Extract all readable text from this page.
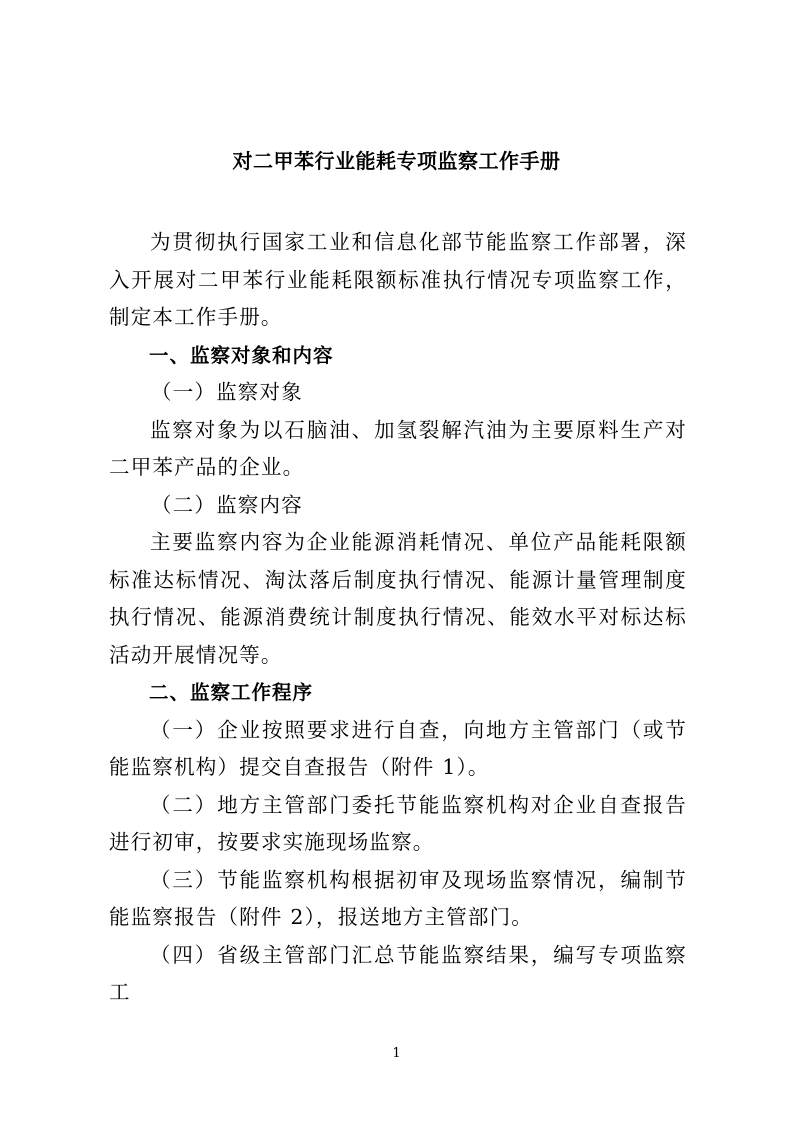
对二甲苯行业能耗专项监察工作手册

为贯彻执行国家工业和信息化部节能监察工作部署，深入开展对二甲苯行业能耗限额标准执行情况专项监察工作，制定本工作手册。

一、监察对象和内容

（一）监察对象

监察对象为以石脑油、加氢裂解汽油为主要原料生产对二甲苯产品的企业。

（二）监察内容

主要监察内容为企业能源消耗情况、单位产品能耗限额标准达标情况、淘汰落后制度执行情况、能源计量管理制度执行情况、能源消费统计制度执行情况、能效水平对标达标活动开展情况等。

二、监察工作程序

（一）企业按照要求进行自查，向地方主管部门（或节能监察机构）提交自查报告（附件 1）。

（二）地方主管部门委托节能监察机构对企业自查报告进行初审，按要求实施现场监察。

（三）节能监察机构根据初审及现场监察情况，编制节能监察报告（附件 2），报送地方主管部门。

（四）省级主管部门汇总节能监察结果，编写专项监察工

1
